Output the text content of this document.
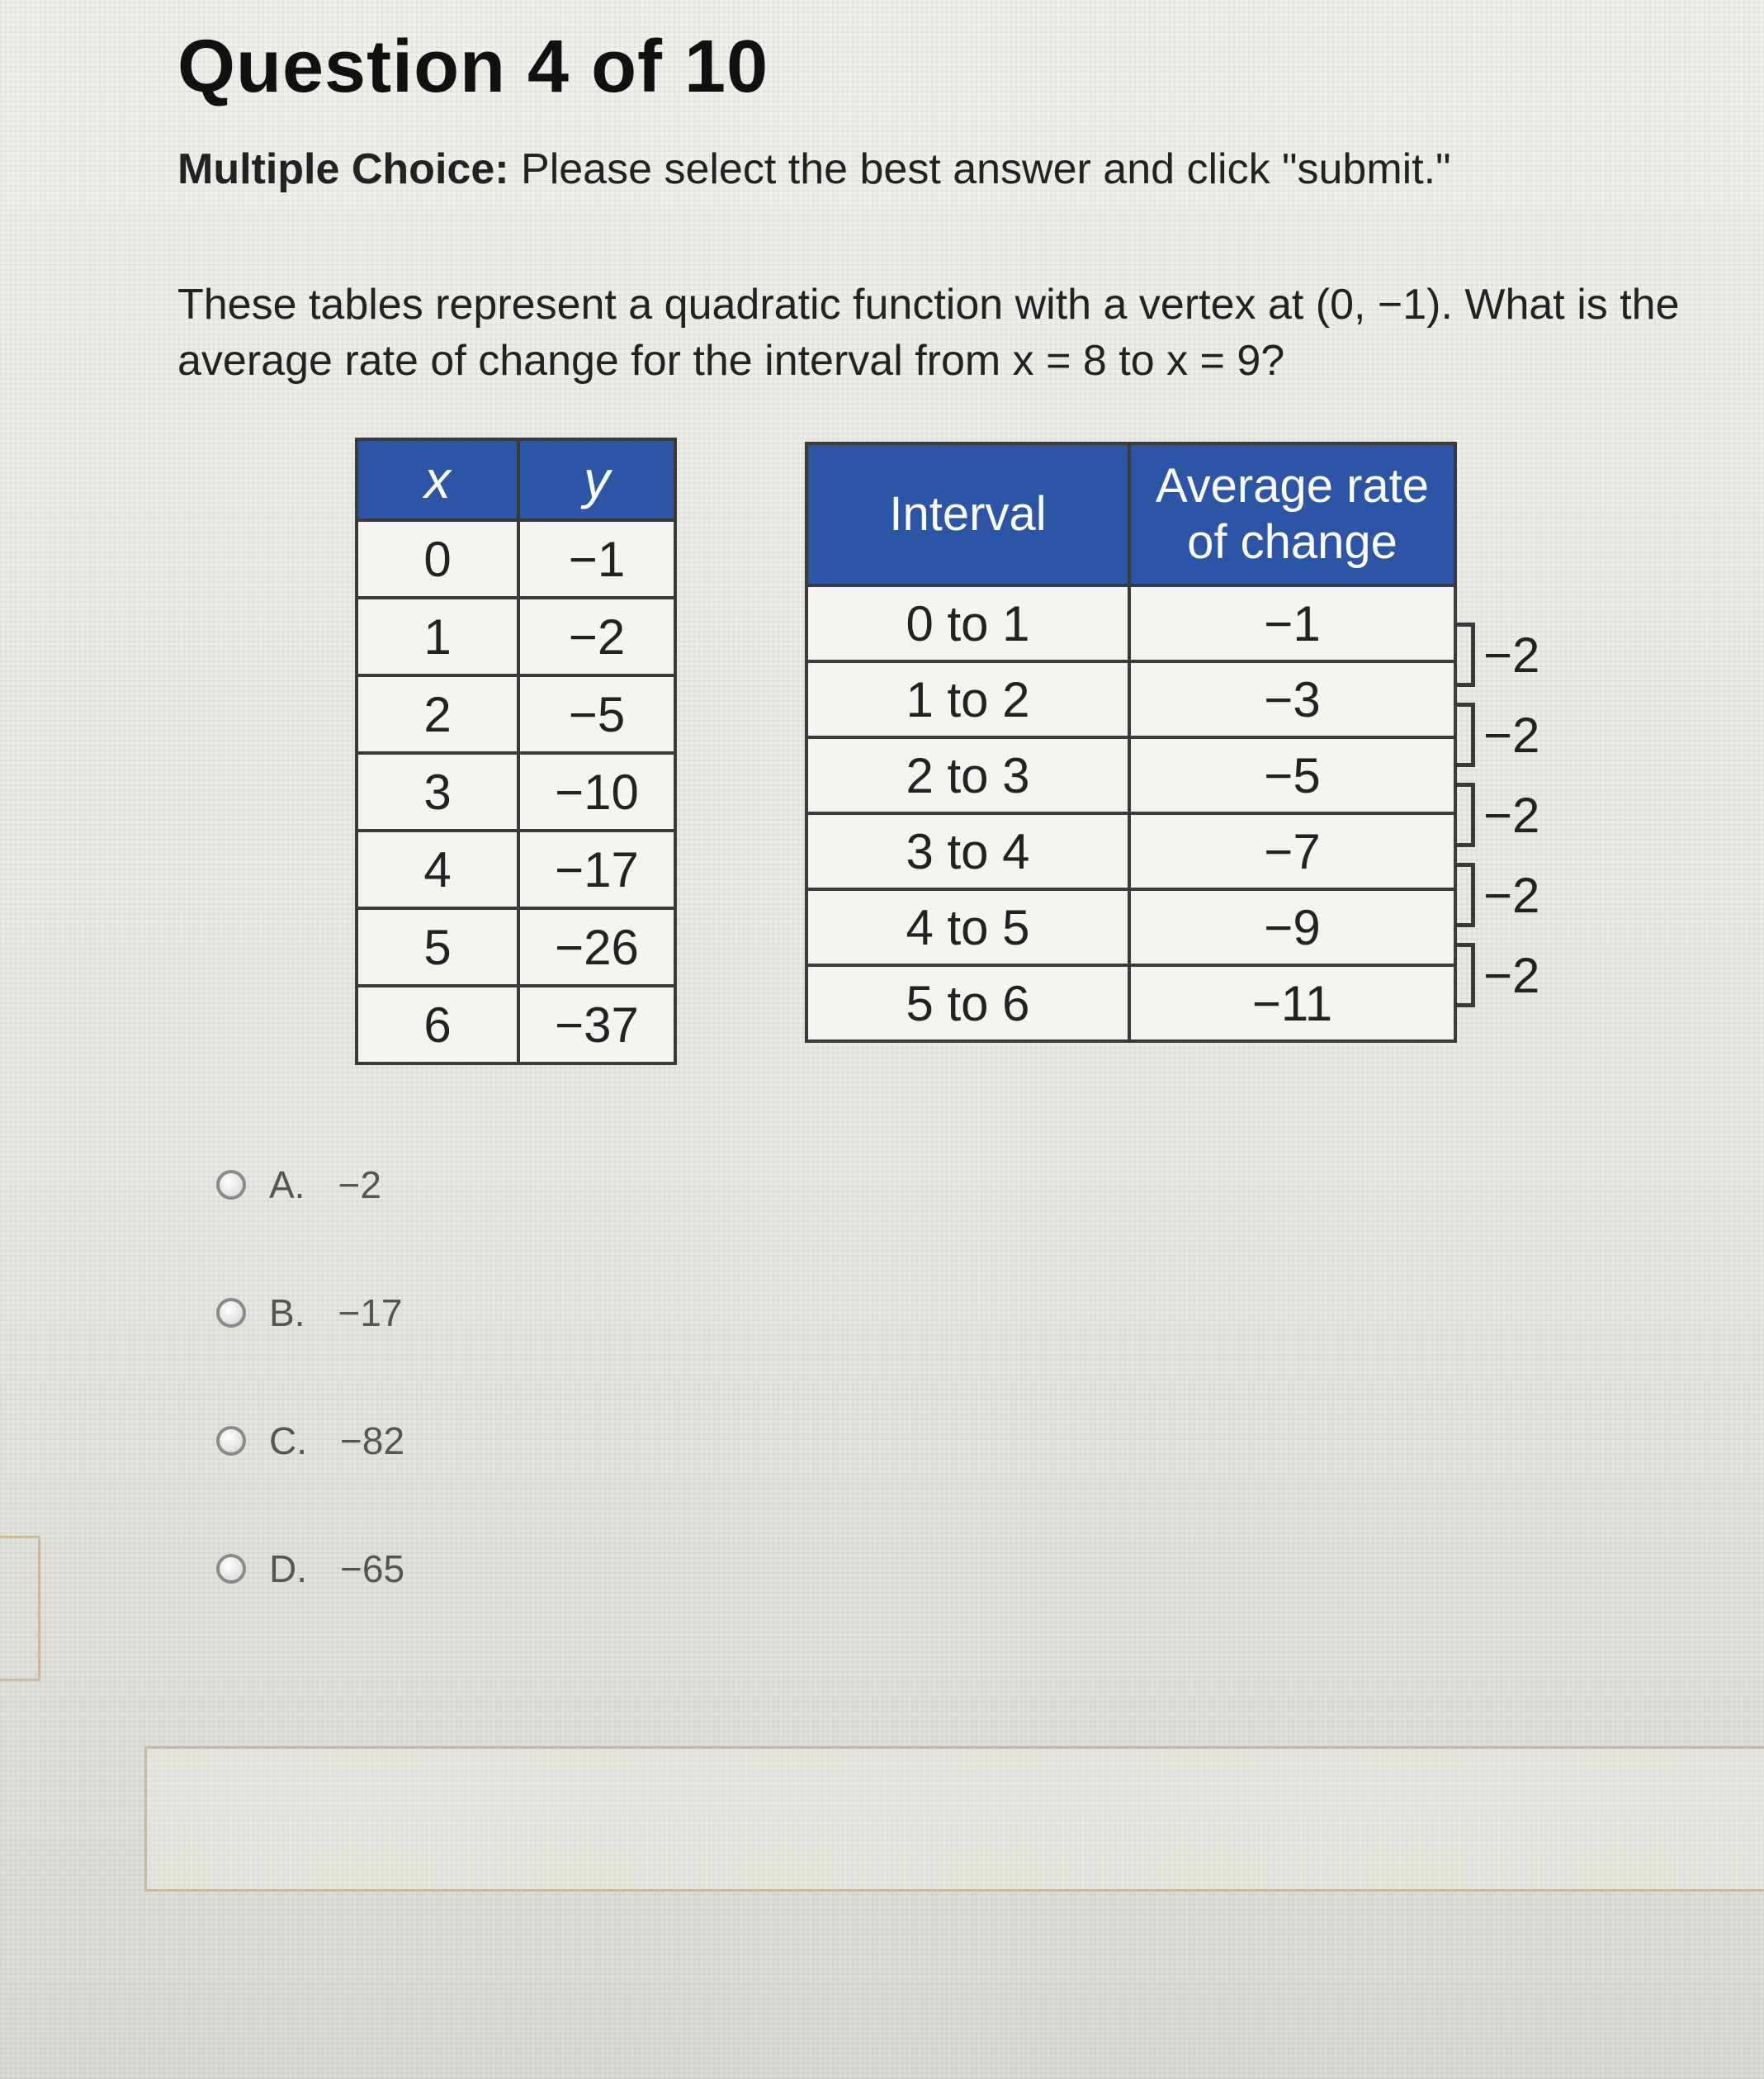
Question 4 of 10
Multiple Choice: Please select the best answer and click "submit."
These tables represent a quadratic function with a vertex at (0, −1). What is the average rate of change for the interval from x = 8 to x = 9?
x	y
0	−1
1	−2
2	−5
3	−10
4	−17
5	−26
6	−37
Interval	Average rate of change
0 to 1	−1
1 to 2	−3
2 to 3	−5
3 to 4	−7
4 to 5	−9
5 to 6	−11
−2
−2
−2
−2
−2
A. −2
B. −17
C. −82
D. −65
